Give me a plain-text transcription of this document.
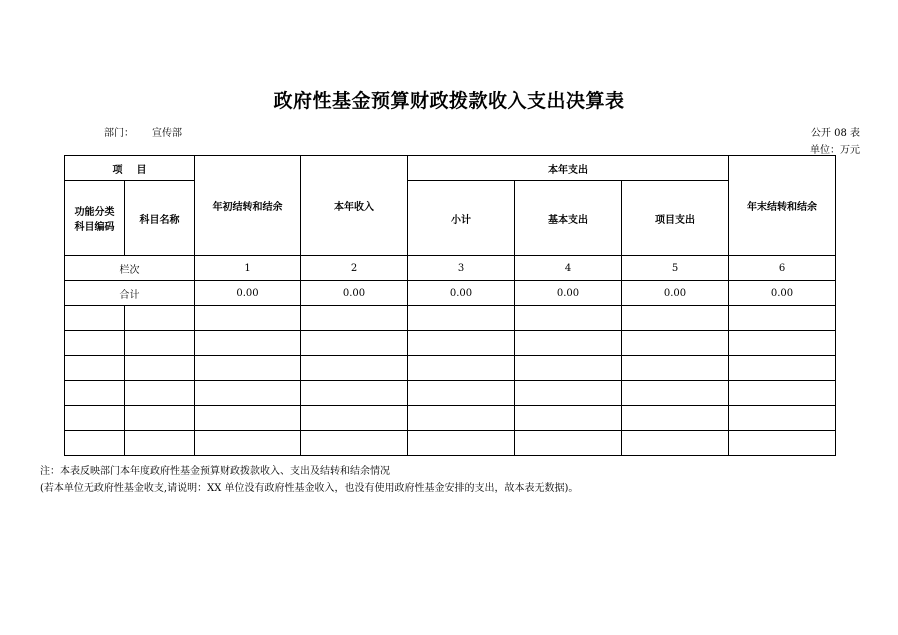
政府性基金预算财政拨款收入支出决算表
部门： 宣传部	公开 08 表
单位：万元
项    目		年初结转和结余	本年收入	本年支出			年末结转和结余

功能分类
科目编码	科目名称			小计	基本支出	项目支出	
栏次		1	2	3	4	5	6
合计		0.00	0.00	0.00	0.00	0.00	0.00

注：本表反映部门本年度政府性基金预算财政拨款收入、支出及结转和结余情况
(若本单位无政府性基金收支,请说明：XX 单位没有政府性基金收入，也没有使用政府性基金安排的支出，故本表无数据)。
